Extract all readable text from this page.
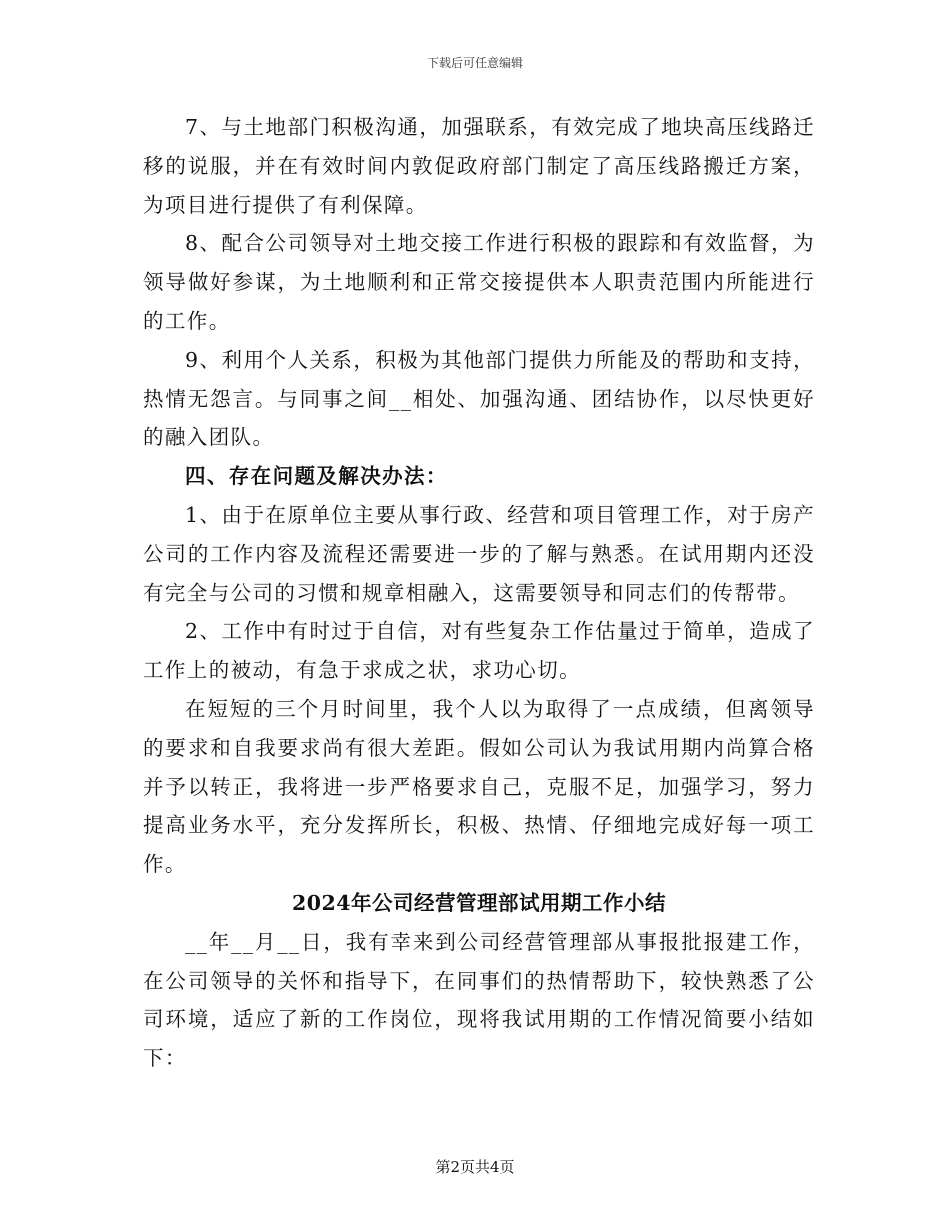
下载后可任意编辑

7、与土地部门积极沟通，加强联系，有效完成了地块高压线路迁移的说服，并在有效时间内敦促政府部门制定了高压线路搬迁方案，为项目进行提供了有利保障。

8、配合公司领导对土地交接工作进行积极的跟踪和有效监督，为领导做好参谋，为土地顺利和正常交接提供本人职责范围内所能进行的工作。

9、利用个人关系，积极为其他部门提供力所能及的帮助和支持，热情无怨言。与同事之间__相处、加强沟通、团结协作，以尽快更好的融入团队。

四、存在问题及解决办法：

1、由于在原单位主要从事行政、经营和项目管理工作，对于房产公司的工作内容及流程还需要进一步的了解与熟悉。在试用期内还没有完全与公司的习惯和规章相融入，这需要领导和同志们的传帮带。

2、工作中有时过于自信，对有些复杂工作估量过于简单，造成了工作上的被动，有急于求成之状，求功心切。

在短短的三个月时间里，我个人以为取得了一点成绩，但离领导的要求和自我要求尚有很大差距。假如公司认为我试用期内尚算合格并予以转正，我将进一步严格要求自己，克服不足，加强学习，努力提高业务水平，充分发挥所长，积极、热情、仔细地完成好每一项工作。

2024年公司经营管理部试用期工作小结

__年__月__日，我有幸来到公司经营管理部从事报批报建工作，在公司领导的关怀和指导下，在同事们的热情帮助下，较快熟悉了公司环境，适应了新的工作岗位，现将我试用期的工作情况简要小结如下：

第2页共4页
